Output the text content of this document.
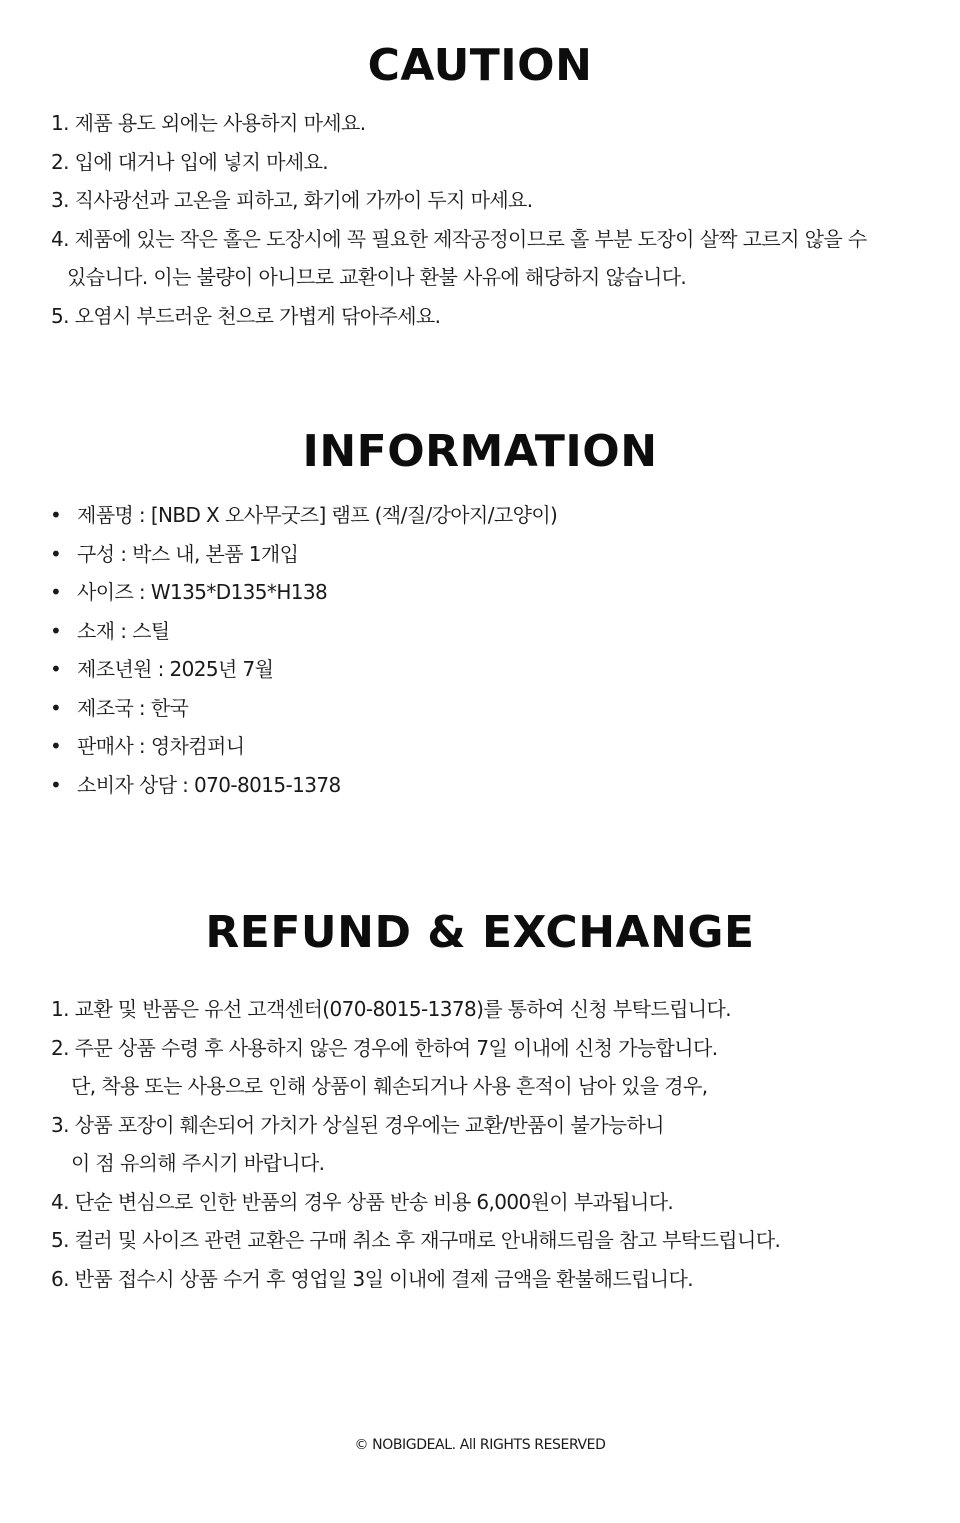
CAUTION
1. 제품 용도 외에는 사용하지 마세요.
2. 입에 대거나 입에 넣지 마세요.
3. 직사광선과 고온을 피하고, 화기에 가까이 두지 마세요.
4. 제품에 있는 작은 홀은 도장시에 꼭 필요한 제작공정이므로 홀 부분 도장이 살짝 고르지 않을 수
있습니다. 이는 불량이 아니므로 교환이나 환불 사유에 해당하지 않습니다.
5. 오염시 부드러운 천으로 가볍게 닦아주세요.
INFORMATION
• 제품명 : [NBD X 오사무굿즈] 램프 (잭/질/강아지/고양이)
• 구성 : 박스 내, 본품 1개입
• 사이즈 : W135*D135*H138
• 소재 : 스틸
• 제조년원 : 2025년 7월
• 제조국 : 한국
• 판매사 : 영차컴퍼니
• 소비자 상담 : 070-8015-1378
REFUND & EXCHANGE
1. 교환 및 반품은 유선 고객센터(070-8015-1378)를 통하여 신청 부탁드립니다.
2. 주문 상품 수령 후 사용하지 않은 경우에 한하여 7일 이내에 신청 가능합니다.
단, 착용 또는 사용으로 인해 상품이 훼손되거나 사용 흔적이 남아 있을 경우,
3. 상품 포장이 훼손되어 가치가 상실된 경우에는 교환/반품이 불가능하니
이 점 유의해 주시기 바랍니다.
4. 단순 변심으로 인한 반품의 경우 상품 반송 비용 6,000원이 부과됩니다.
5. 컬러 및 사이즈 관련 교환은 구매 취소 후 재구매로 안내해드림을 참고 부탁드립니다.
6. 반품 접수시 상품 수거 후 영업일 3일 이내에 결제 금액을 환불해드립니다.
© NOBIGDEAL. All RIGHTS RESERVED
